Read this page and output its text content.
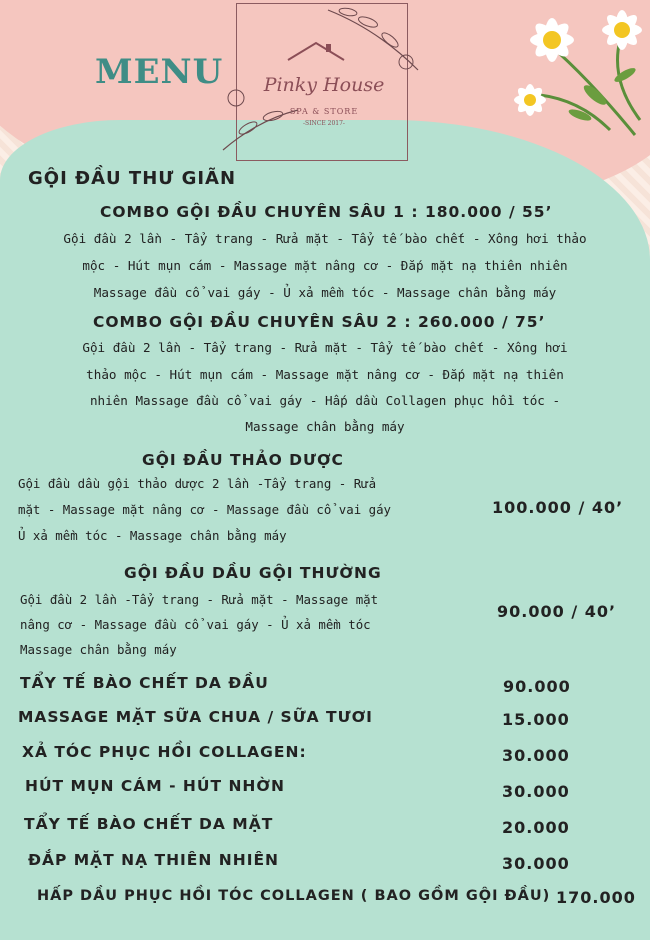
MENU	Pinky House
SPA & STORE
-SINCE 2017-
GỘI ĐẦU THƯ GIÃN
COMBO GỘI ĐẦU CHUYÊN SÂU 1 : 180.000 / 55’
Gội đầu 2 lần - Tẩy trang - Rửa mặt - Tẩy tế bào chết - Xông hơi thảo
mộc - Hút mụn cám - Massage mặt nâng cơ - Đắp mặt nạ thiên nhiên
Massage đầu cổ vai gáy - Ủ xả mềm tóc - Massage chân bằng máy
COMBO GỘI ĐẦU CHUYÊN SÂU 2 : 260.000 / 75’
Gội đầu 2 lần - Tẩy trang - Rửa mặt - Tẩy tế bào chết - Xông hơi
thảo mộc - Hút mụn cám - Massage mặt nâng cơ - Đắp mặt nạ thiên
nhiên Massage đầu cổ vai gáy - Hấp dầu Collagen phục hồi tóc -
Massage chân bằng máy
GỘI ĐẦU THẢO DƯỢC
Gội đầu dầu gội thảo dược 2 lần -Tẩy trang - Rửa
mặt - Massage mặt nâng cơ - Massage đầu cổ vai gáy
Ủ xả mềm tóc - Massage chân bằng máy
100.000 / 40’
GỘI ĐẦU DẦU GỘI THƯỜNG
Gội đầu 2 lần -Tẩy trang - Rửa mặt - Massage mặt
nâng cơ - Massage đầu cổ vai gáy - Ủ xả mềm tóc
Massage chân bằng máy
90.000 / 40’
TẨY TẾ BÀO CHẾT DA ĐẦU	90.000
MASSAGE MẶT SỮA CHUA / SỮA TƯƠI	15.000
XẢ TÓC PHỤC HỒI COLLAGEN:	30.000
HÚT MỤN CÁM - HÚT NHỜN	30.000
TẨY TẾ BÀO CHẾT DA MẶT	20.000
ĐẮP MẶT NẠ THIÊN NHIÊN	30.000
HẤP DẦU PHỤC HỒI TÓC COLLAGEN ( BAO GỒM GỘI ĐẦU) 170.000
